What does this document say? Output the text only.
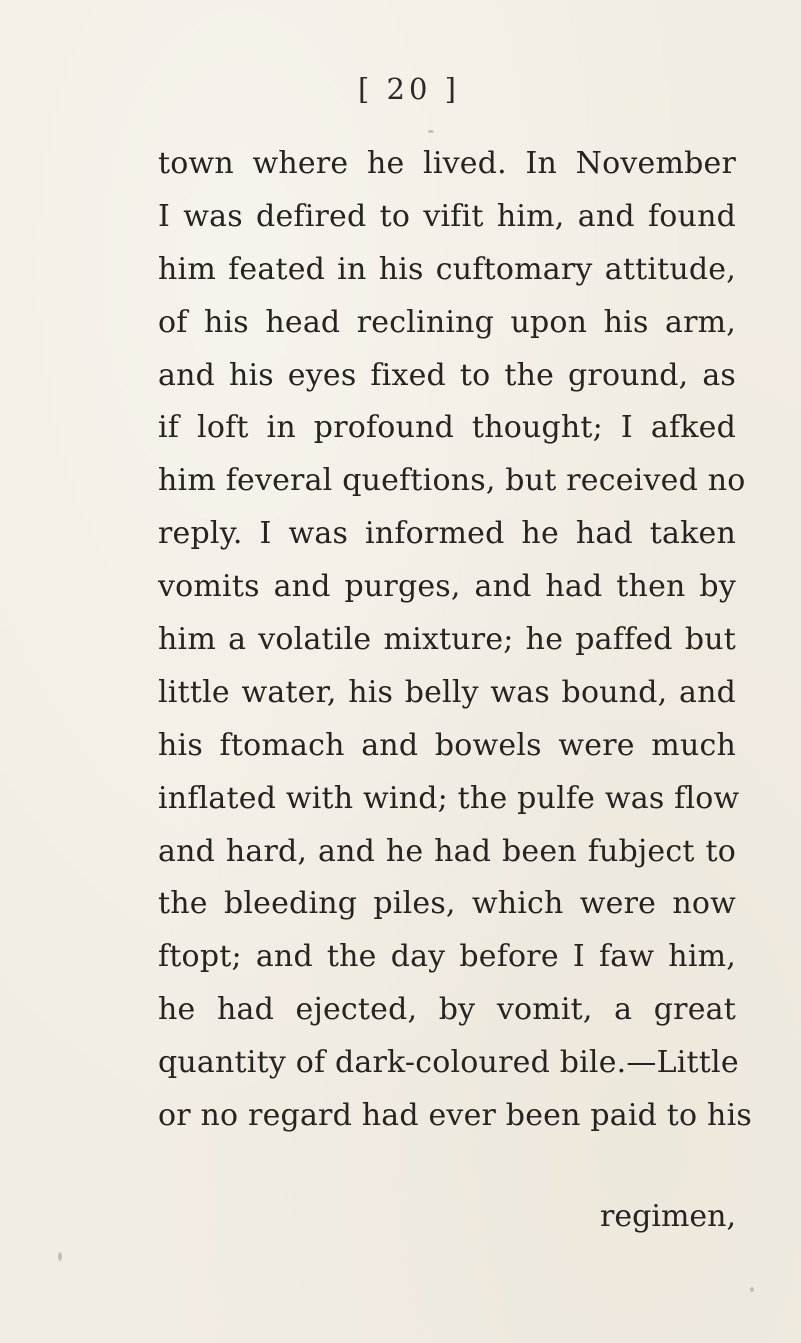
[ 20 ]
town where he lived. In November
I was defired to vifit him, and found
him feated in his cuftomary attitude,
of his head reclining upon his arm,
and his eyes fixed to the ground, as
if loft in profound thought; I afked
him feveral queftions, but received no
reply. I was informed he had taken
vomits and purges, and had then by
him a volatile mixture; he paffed but
little water, his belly was bound, and
his ftomach and bowels were much
inflated with wind; the pulfe was flow
and hard, and he had been fubject to
the bleeding piles, which were now
ftopt; and the day before I faw him,
he had ejected, by vomit, a great
quantity of dark-coloured bile.—Little
or no regard had ever been paid to his
regimen,
